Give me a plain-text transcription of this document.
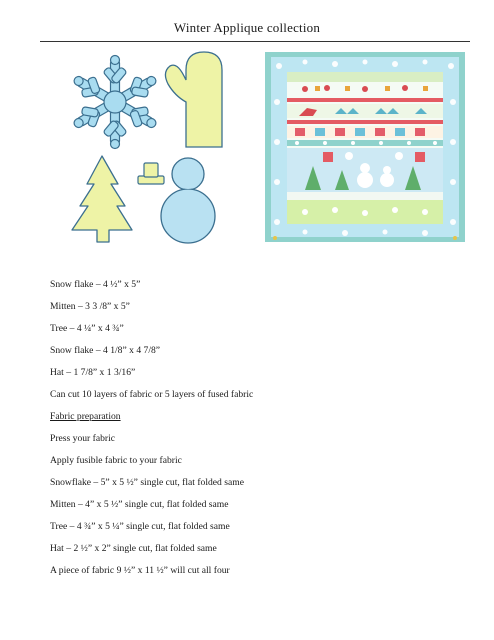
Winter Applique collection
Snow flake – 4 ½” x 5”
Mitten – 3 3 /8” x 5”
Tree – 4 ¼” x 4 ¾”
Snow flake – 4 1/8” x 4 7/8”
Hat – 1 7/8” x 1 3/16”
Can cut 10 layers of fabric or 5 layers of fused fabric
Fabric preparation
Press your fabric
Apply fusible fabric to your fabric
Snowflake – 5” x 5 ½” single cut, flat folded same
Mitten – 4” x 5 ½” single cut, flat folded same
Tree – 4 ¾” x 5 ¼” single cut, flat folded same
Hat – 2 ½” x 2” single cut, flat folded same
A piece of fabric 9 ½” x 11 ½” will cut all four
